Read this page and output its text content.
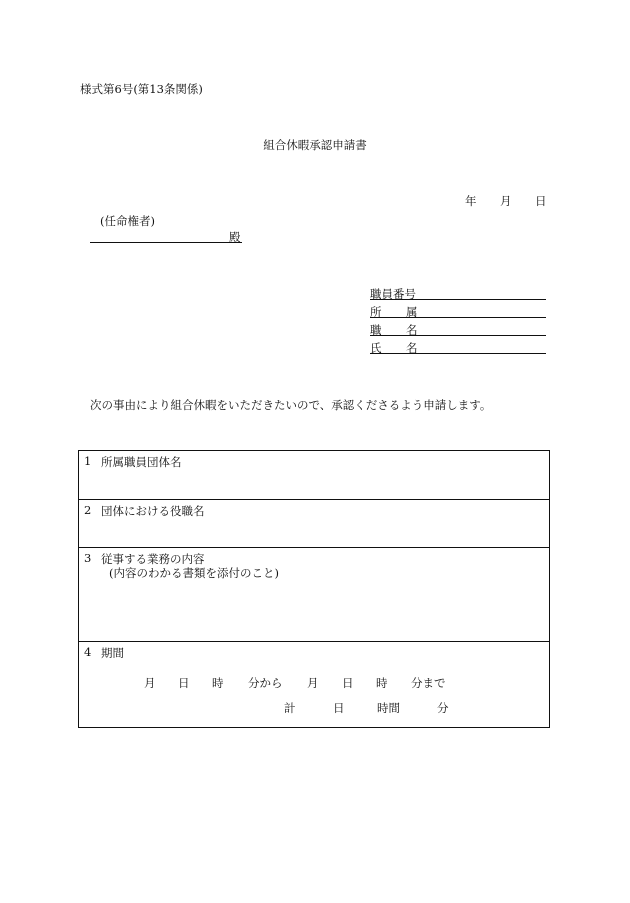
様式第6号(第13条関係)
組合休暇承認申請書
年 月 日
(任命権者)
殿
職員番号
所 属
職 名
氏 名
次の事由により組合休暇をいただきたいので、承認くださるよう申請します。
1 所属職員団体名
2 団体における役職名
3 従事する業務の内容
(内容のわかる書類を添付のこと)
4 期間
月 日 時 分から 月 日 時 分まで
計	日	時間	分
